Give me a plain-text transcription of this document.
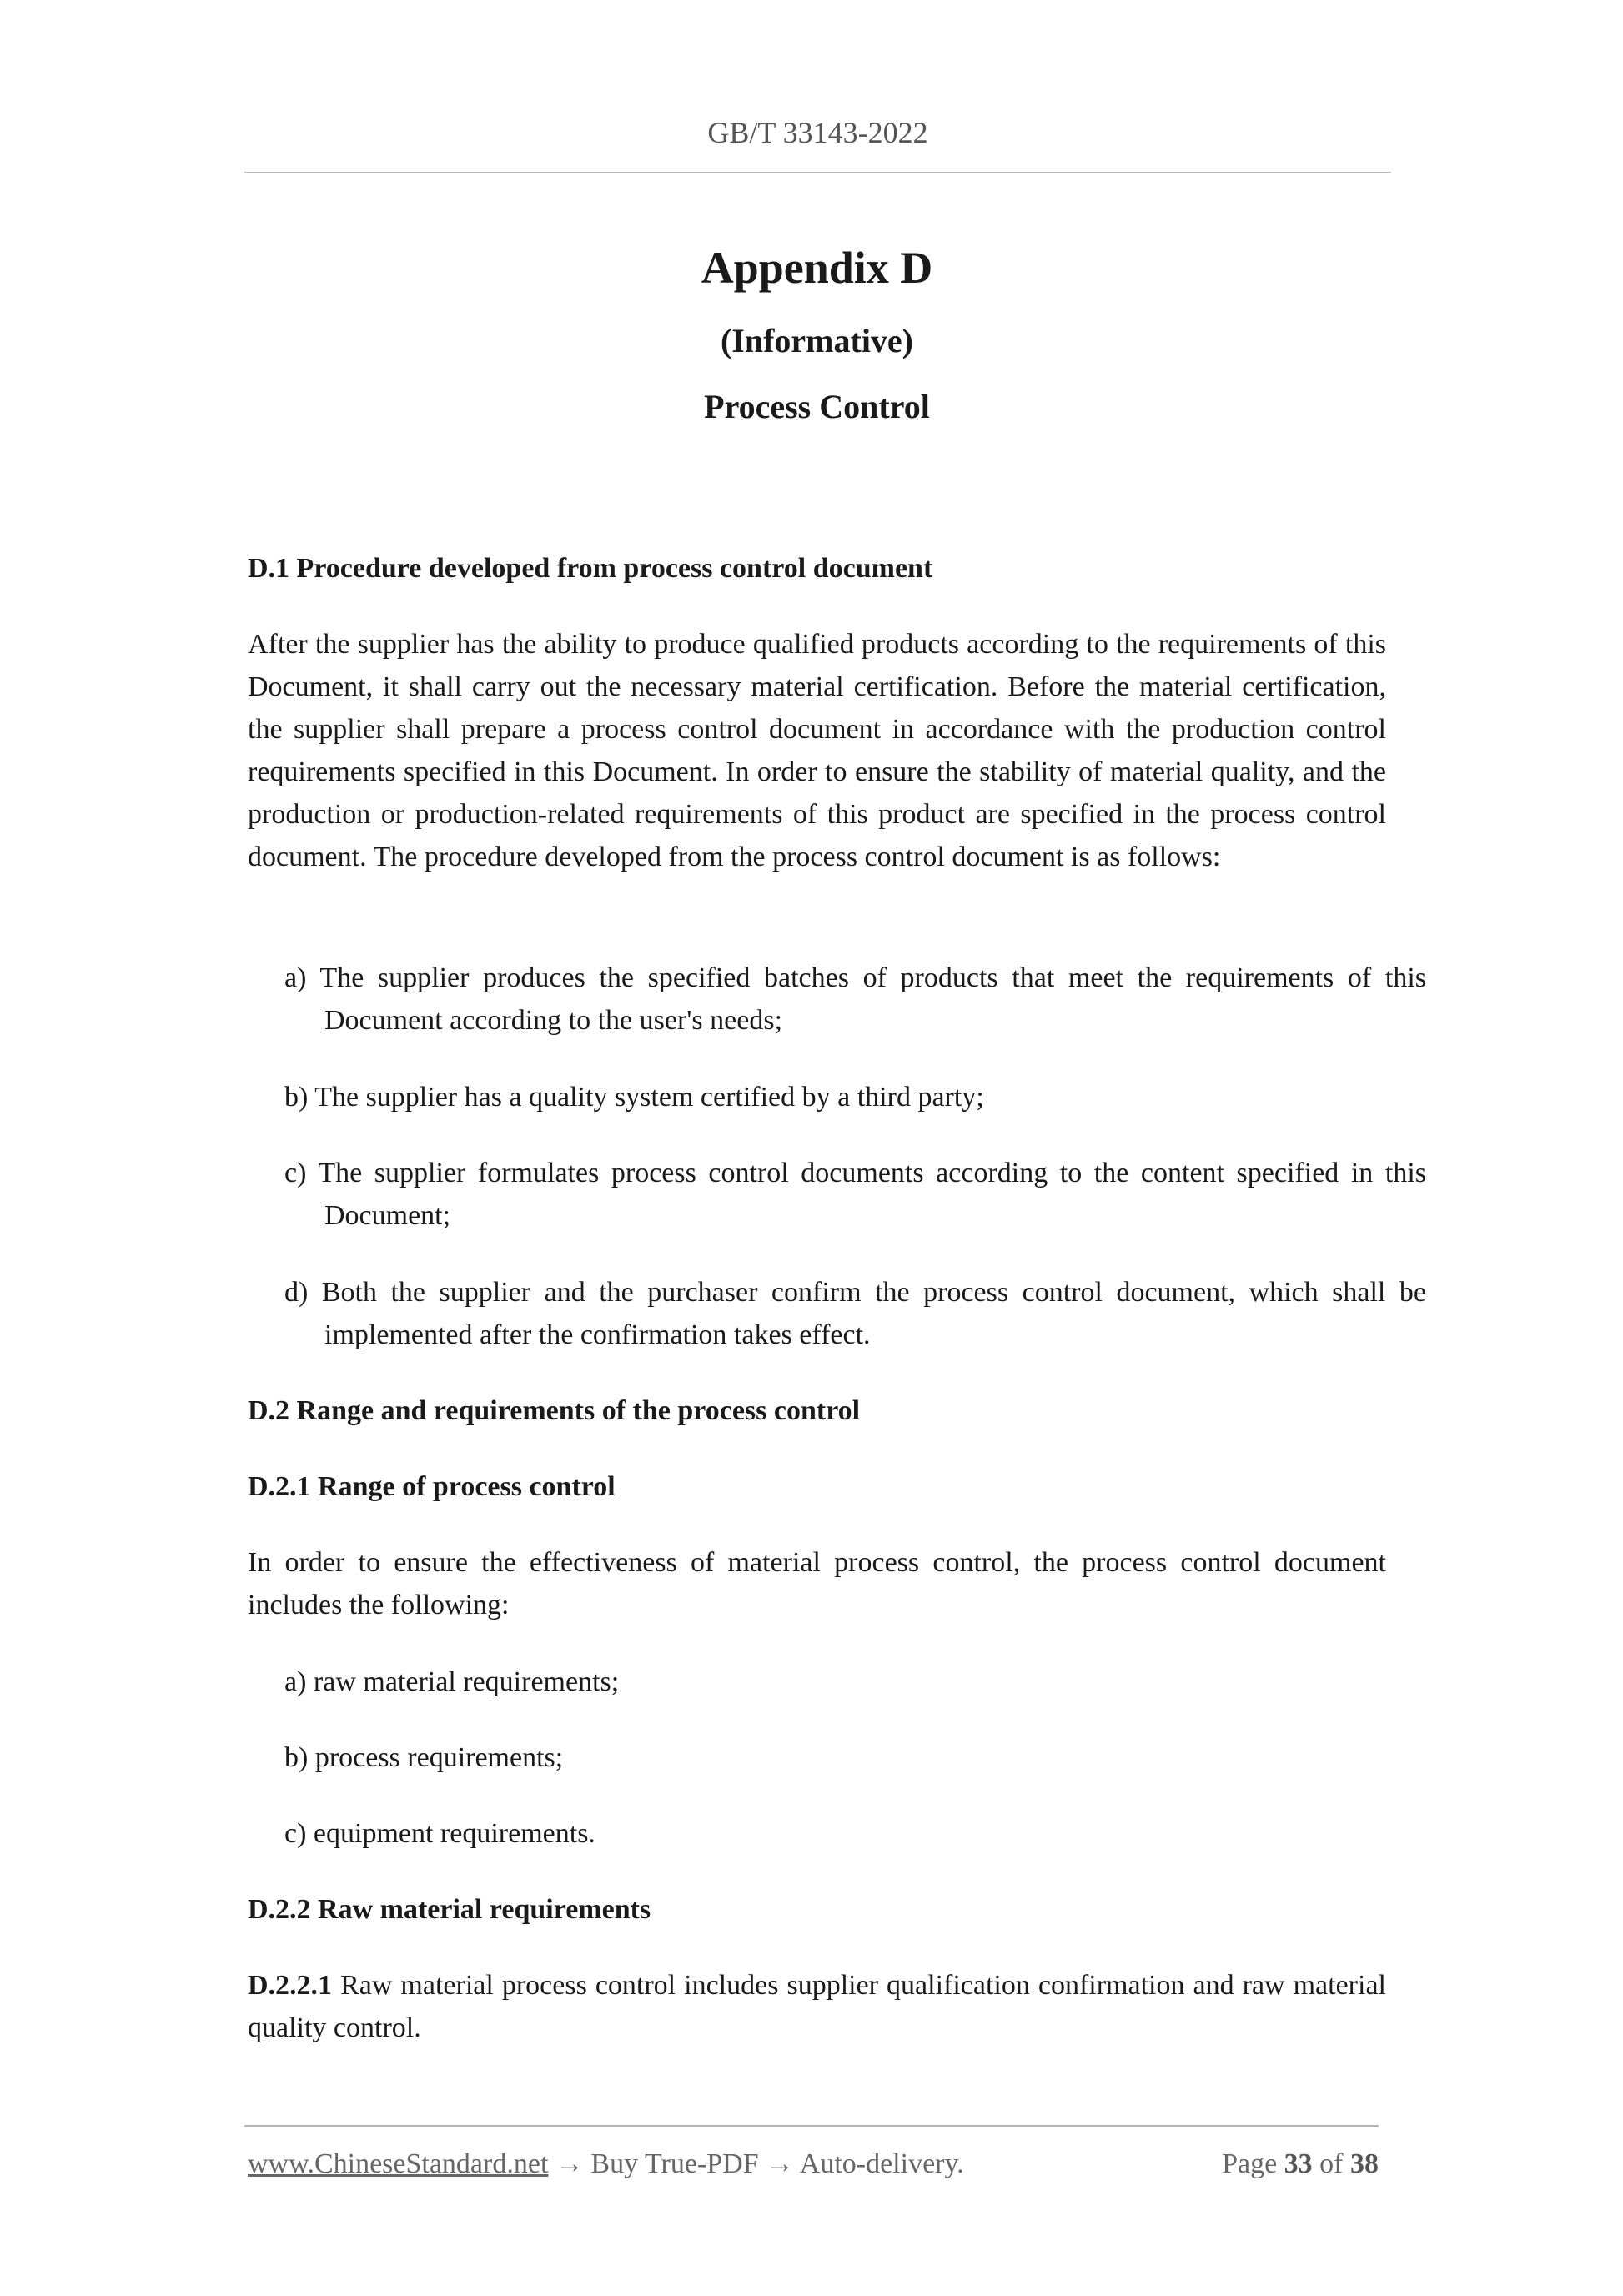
GB/T 33143-2022
Appendix D
(Informative)
Process Control
D.1 Procedure developed from process control document
After the supplier has the ability to produce qualified products according to the requirements of this Document, it shall carry out the necessary material certification. Before the material certification, the supplier shall prepare a process control document in accordance with the production control requirements specified in this Document. In order to ensure the stability of material quality, and the production or production-related requirements of this product are specified in the process control document. The procedure developed from the process control document is as follows:
a) The supplier produces the specified batches of products that meet the requirements of this Document according to the user's needs;
b) The supplier has a quality system certified by a third party;
c) The supplier formulates process control documents according to the content specified in this Document;
d) Both the supplier and the purchaser confirm the process control document, which shall be implemented after the confirmation takes effect.
D.2 Range and requirements of the process control
D.2.1 Range of process control
In order to ensure the effectiveness of material process control, the process control document includes the following:
a) raw material requirements;
b) process requirements;
c) equipment requirements.
D.2.2 Raw material requirements
D.2.2.1 Raw material process control includes supplier qualification confirmation and raw material quality control.
www.ChineseStandard.net → Buy True-PDF → Auto-delivery.	Page 33 of 38
